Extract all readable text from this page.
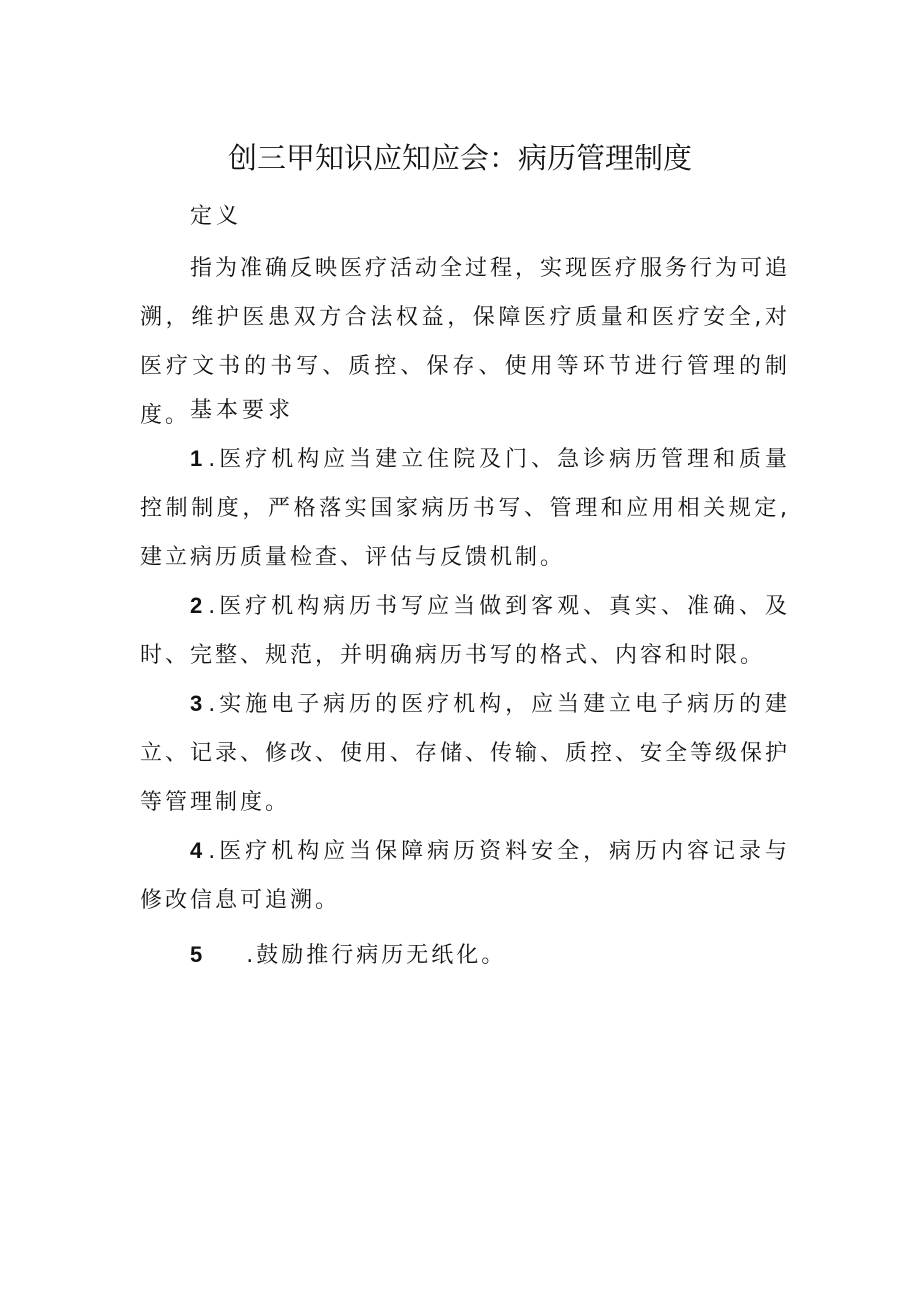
创三甲知识应知应会：病历管理制度
定义
指为准确反映医疗活动全过程，实现医疗服务行为可追溯，维护医患双方合法权益，保障医疗质量和医疗安全,对医疗文书的书写、质控、保存、使用等环节进行管理的制度。 基本要求
1.医疗机构应当建立住院及门、急诊病历管理和质量控制制度，严格落实国家病历书写、管理和应用相关规定,建立病历质量检查、评估与反馈机制。
2.医疗机构病历书写应当做到客观、真实、准确、及时、完整、规范，并明确病历书写的格式、内容和时限。
3.实施电子病历的医疗机构，应当建立电子病历的建立、记录、修改、使用、存储、传输、质控、安全等级保护等管理制度。
4.医疗机构应当保障病历资料安全，病历内容记录与修改信息可追溯。
5 .鼓励推行病历无纸化。
